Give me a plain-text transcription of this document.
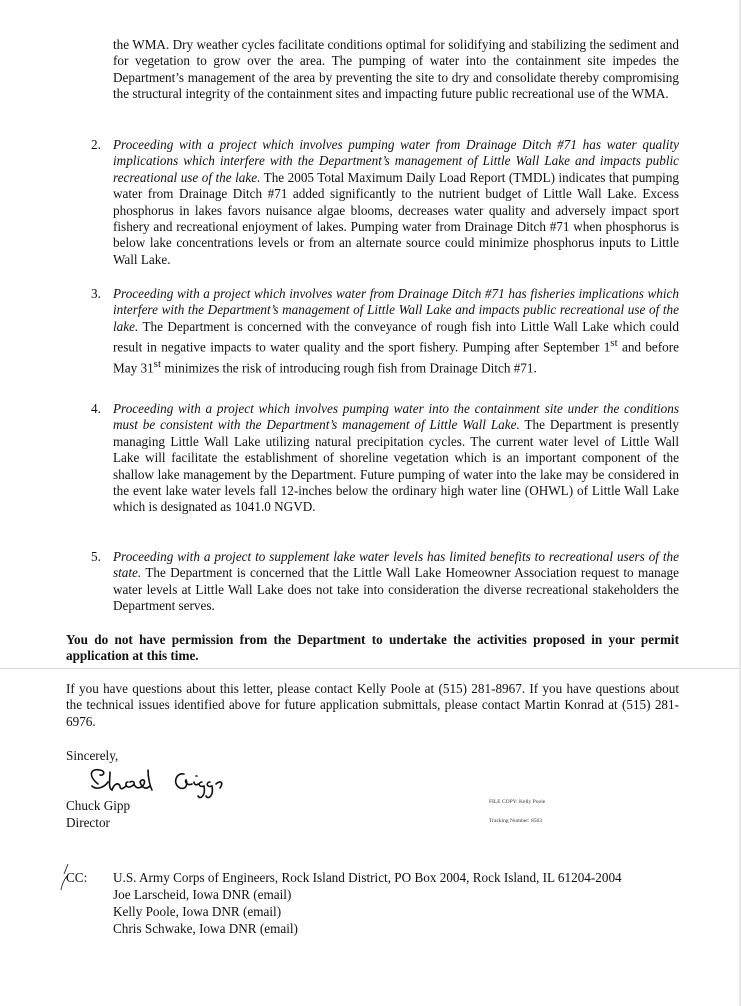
the WMA. Dry weather cycles facilitate conditions optimal for solidifying and stabilizing the sediment and for vegetation to grow over the area. The pumping of water into the containment site impedes the Department’s management of the area by preventing the site to dry and consolidate thereby compromising the structural integrity of the containment sites and impacting future public recreational use of the WMA.
2. Proceeding with a project which involves pumping water from Drainage Ditch #71 has water quality implications which interfere with the Department’s management of Little Wall Lake and impacts public recreational use of the lake. The 2005 Total Maximum Daily Load Report (TMDL) indicates that pumping water from Drainage Ditch #71 added significantly to the nutrient budget of Little Wall Lake. Excess phosphorus in lakes favors nuisance algae blooms, decreases water quality and adversely impact sport fishery and recreational enjoyment of lakes. Pumping water from Drainage Ditch #71 when phosphorus is below lake concentrations levels or from an alternate source could minimize phosphorus inputs to Little Wall Lake.
3. Proceeding with a project which involves water from Drainage Ditch #71 has fisheries implications which interfere with the Department’s management of Little Wall Lake and impacts public recreational use of the lake. The Department is concerned with the conveyance of rough fish into Little Wall Lake which could result in negative impacts to water quality and the sport fishery. Pumping after September 1st and before May 31st minimizes the risk of introducing rough fish from Drainage Ditch #71.
4. Proceeding with a project which involves pumping water into the containment site under the conditions must be consistent with the Department’s management of Little Wall Lake. The Department is presently managing Little Wall Lake utilizing natural precipitation cycles. The current water level of Little Wall Lake will facilitate the establishment of shoreline vegetation which is an important component of the shallow lake management by the Department. Future pumping of water into the lake may be considered in the event lake water levels fall 12-inches below the ordinary high water line (OHWL) of Little Wall Lake which is designated as 1041.0 NGVD.
5. Proceeding with a project to supplement lake water levels has limited benefits to recreational users of the state. The Department is concerned that the Little Wall Lake Homeowner Association request to manage water levels at Little Wall Lake does not take into consideration the diverse recreational stakeholders the Department serves.
You do not have permission from the Department to undertake the activities proposed in your permit application at this time.
If you have questions about this letter, please contact Kelly Poole at (515) 281-8967. If you have questions about the technical issues identified above for future application submittals, please contact Martin Konrad at (515) 281-6976.
Sincerely,
Chuck Gipp
Director
FILE COPY: Kelly Poole
Tracking Number: 8563
CC: U.S. Army Corps of Engineers, Rock Island District, PO Box 2004, Rock Island, IL 61204-2004
Joe Larscheid, Iowa DNR (email)
Kelly Poole, Iowa DNR (email)
Chris Schwake, Iowa DNR (email)
